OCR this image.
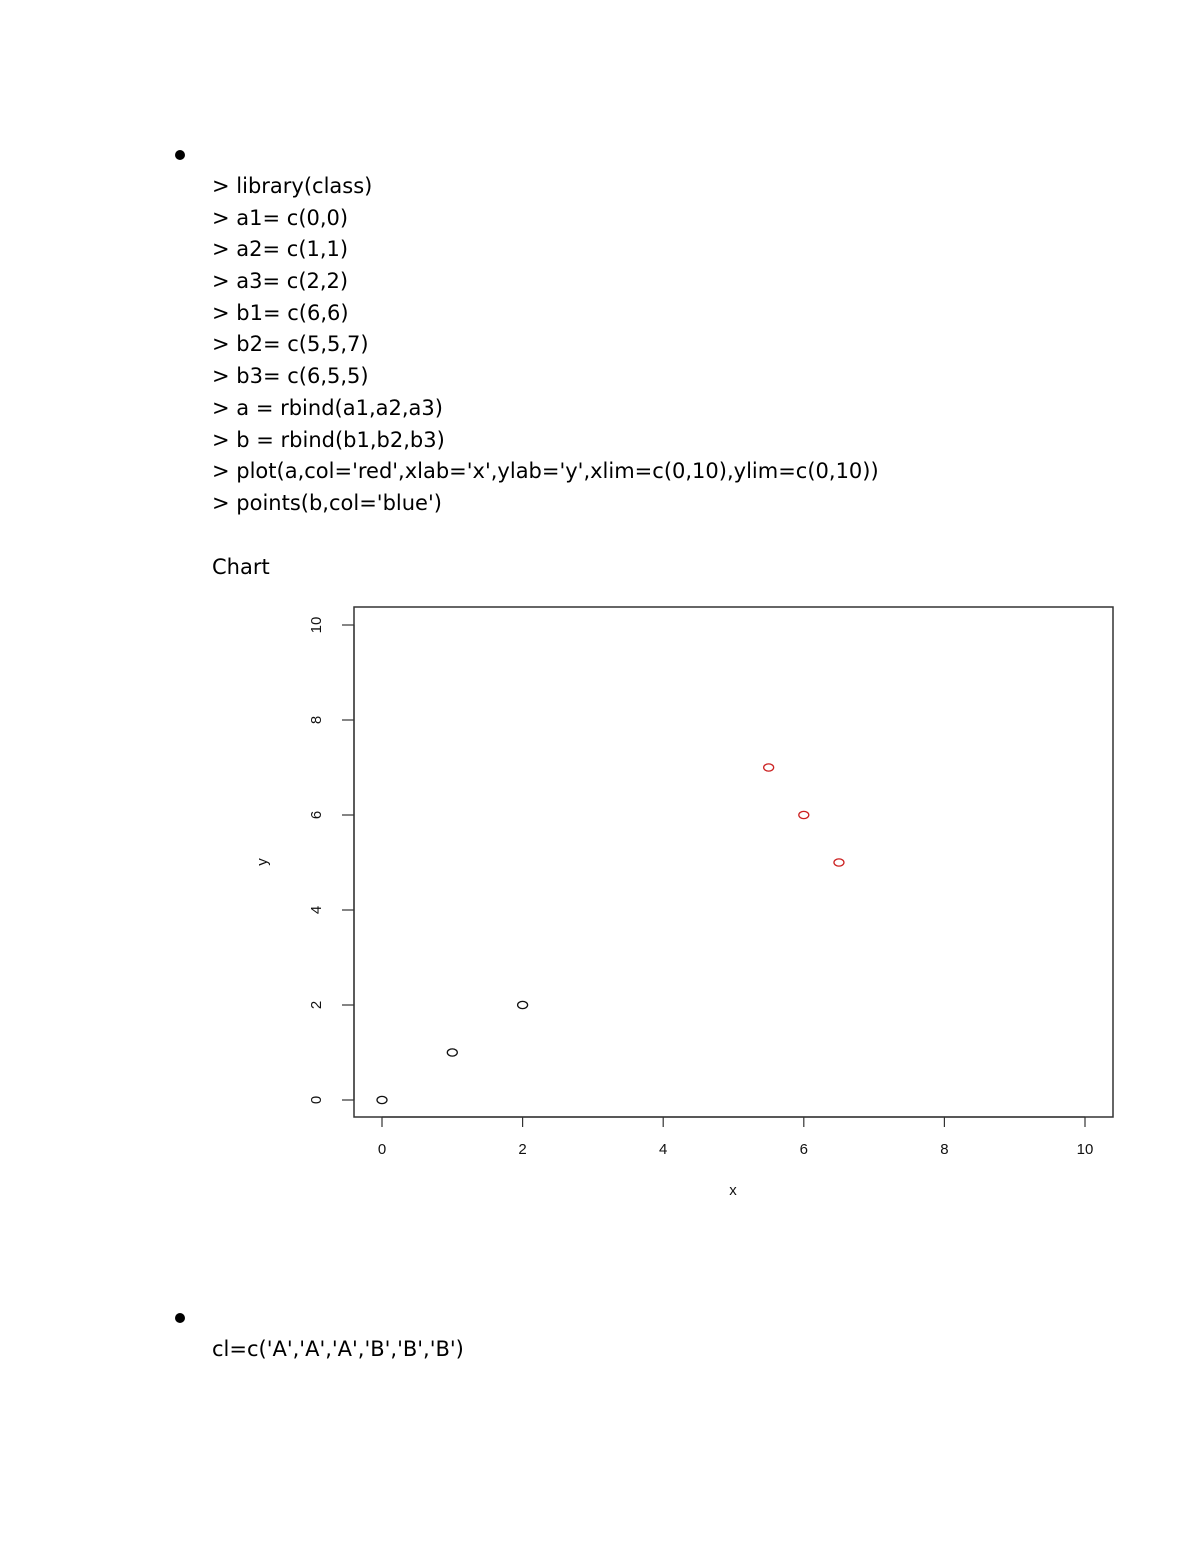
> library(class)
> a1= c(0,0)
> a2= c(1,1)
> a3= c(2,2)
> b1= c(6,6)
> b2= c(5,5,7)
> b3= c(6,5,5)
> a = rbind(a1,a2,a3)
> b = rbind(b1,b2,b3)
> plot(a,col='red',xlab='x',ylab='y',xlim=c(0,10),ylim=c(0,10))
> points(b,col='blue')
Chart
0	2	4	6	8	10
0
2
4
6
8
10
x
y
cl=c('A','A','A','B','B','B')
